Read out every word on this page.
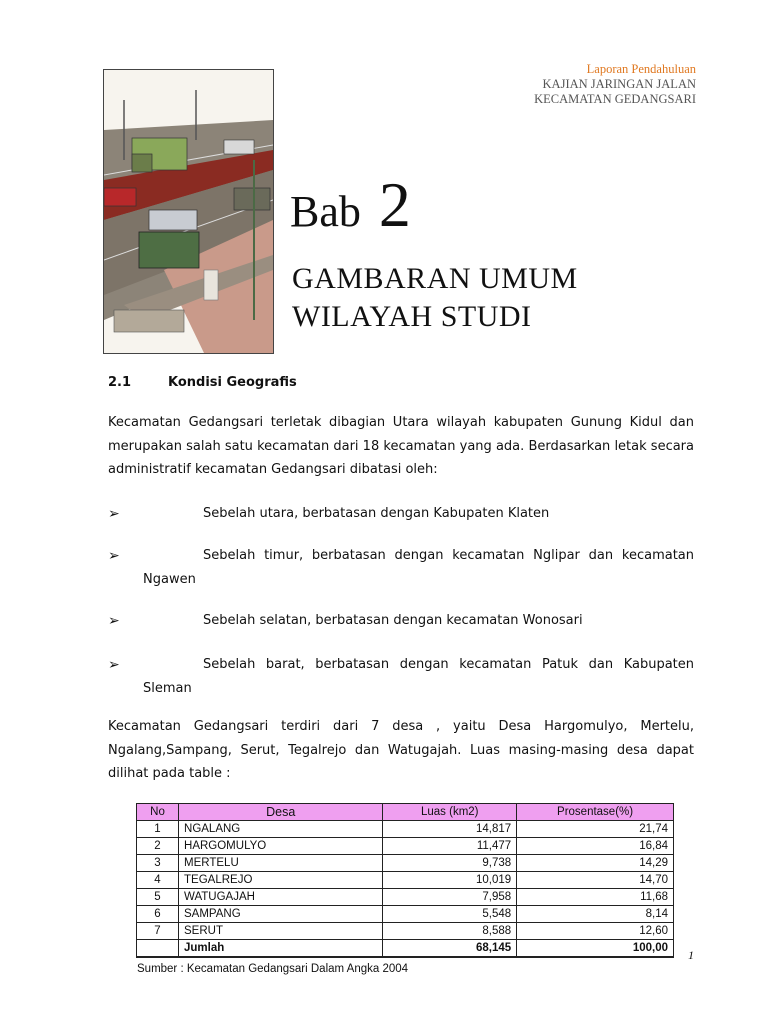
Laporan Pendahuluan
KAJIAN JARINGAN JALAN
KECAMATAN GEDANGSARI
Bab 2
GAMBARAN UMUM
WILAYAH STUDI
2.1	Kondisi Geografis
Kecamatan Gedangsari terletak dibagian Utara wilayah kabupaten Gunung Kidul dan merupakan salah satu kecamatan dari 18 kecamatan yang ada. Berdasarkan letak secara administratif kecamatan Gedangsari dibatasi oleh:
➢	Sebelah utara, berbatasan dengan Kabupaten Klaten
➢	Sebelah timur, berbatasan dengan kecamatan Nglipar dan kecamatan Ngawen
➢	Sebelah selatan, berbatasan dengan kecamatan Wonosari
➢	Sebelah barat, berbatasan dengan kecamatan Patuk dan Kabupaten Sleman
Kecamatan Gedangsari terdiri dari 7 desa , yaitu Desa Hargomulyo, Mertelu, Ngalang,Sampang, Serut, Tegalrejo dan Watugajah. Luas masing-masing desa dapat dilihat pada table :
No	Desa	Luas (km2)	Prosentase(%)
1	NGALANG	14,817	21,74
2	HARGOMULYO	11,477	16,84
3	MERTELU	9,738	14,29
4	TEGALREJO	10,019	14,70
5	WATUGAJAH	7,958	11,68
6	SAMPANG	5,548	8,14
7	SERUT	8,588	12,60
	Jumlah	68,145	100,00
Sumber : Kecamatan Gedangsari Dalam Angka 2004
1
